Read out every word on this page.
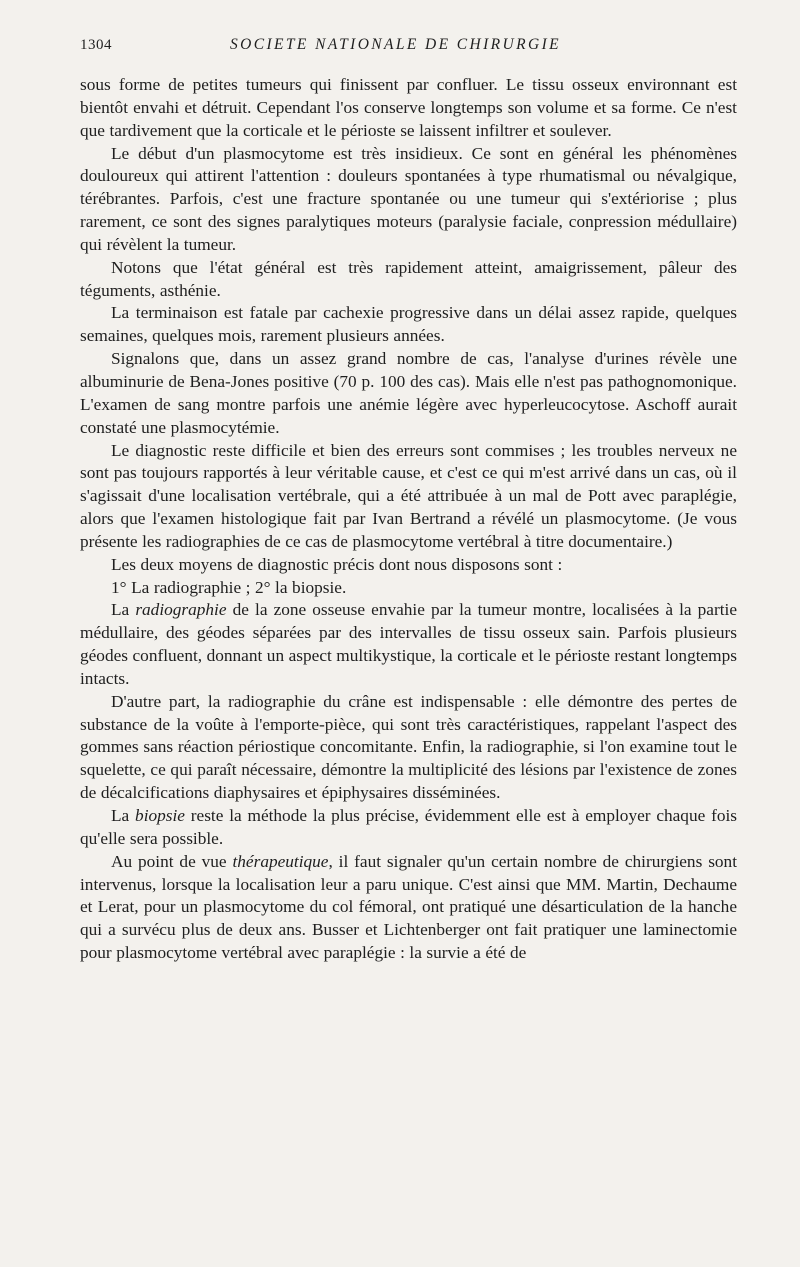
1304	SOCIETE NATIONALE DE CHIRURGIE

sous forme de petites tumeurs qui finissent par confluer. Le tissu osseux environnant est bientôt envahi et détruit. Cependant l'os conserve longtemps son volume et sa forme. Ce n'est que tardivement que la corticale et le périoste se laissent infiltrer et soulever.

Le début d'un plasmocytome est très insidieux. Ce sont en général les phénomènes douloureux qui attirent l'attention : douleurs spontanées à type rhumatismal ou névalgique, térébrantes. Parfois, c'est une fracture spontanée ou une tumeur qui s'extériorise ; plus rarement, ce sont des signes paralytiques moteurs (paralysie faciale, conpression médullaire) qui révèlent la tumeur.

Notons que l'état général est très rapidement atteint, amaigrissement, pâleur des téguments, asthénie.

La terminaison est fatale par cachexie progressive dans un délai assez rapide, quelques semaines, quelques mois, rarement plusieurs années.

Signalons que, dans un assez grand nombre de cas, l'analyse d'urines révèle une albuminurie de Bena-Jones positive (70 p. 100 des cas). Mais elle n'est pas pathognomonique. L'examen de sang montre parfois une anémie légère avec hyperleucocytose. Aschoff aurait constaté une plasmocytémie.

Le diagnostic reste difficile et bien des erreurs sont commises ; les troubles nerveux ne sont pas toujours rapportés à leur véritable cause, et c'est ce qui m'est arrivé dans un cas, où il s'agissait d'une localisation vertébrale, qui a été attribuée à un mal de Pott avec paraplégie, alors que l'examen histologique fait par Ivan Bertrand a révélé un plasmocytome. (Je vous présente les radiographies de ce cas de plasmocytome vertébral à titre documentaire.)

Les deux moyens de diagnostic précis dont nous disposons sont :

1° La radiographie ; 2° la biopsie.

La radiographie de la zone osseuse envahie par la tumeur montre, localisées à la partie médullaire, des géodes séparées par des intervalles de tissu osseux sain. Parfois plusieurs géodes confluent, donnant un aspect multikystique, la corticale et le périoste restant longtemps intacts.

D'autre part, la radiographie du crâne est indispensable : elle démontre des pertes de substance de la voûte à l'emporte-pièce, qui sont très caractéristiques, rappelant l'aspect des gommes sans réaction périostique concomitante. Enfin, la radiographie, si l'on examine tout le squelette, ce qui paraît nécessaire, démontre la multiplicité des lésions par l'existence de zones de décalcifications diaphysaires et épiphysaires disséminées.

La biopsie reste la méthode la plus précise, évidemment elle est à employer chaque fois qu'elle sera possible.

Au point de vue thérapeutique, il faut signaler qu'un certain nombre de chirurgiens sont intervenus, lorsque la localisation leur a paru unique. C'est ainsi que MM. Martin, Dechaume et Lerat, pour un plasmocytome du col fémoral, ont pratiqué une désarticulation de la hanche qui a survécu plus de deux ans. Busser et Lichtenberger ont fait pratiquer une laminectomie pour plasmocytome vertébral avec paraplégie : la survie a été de
